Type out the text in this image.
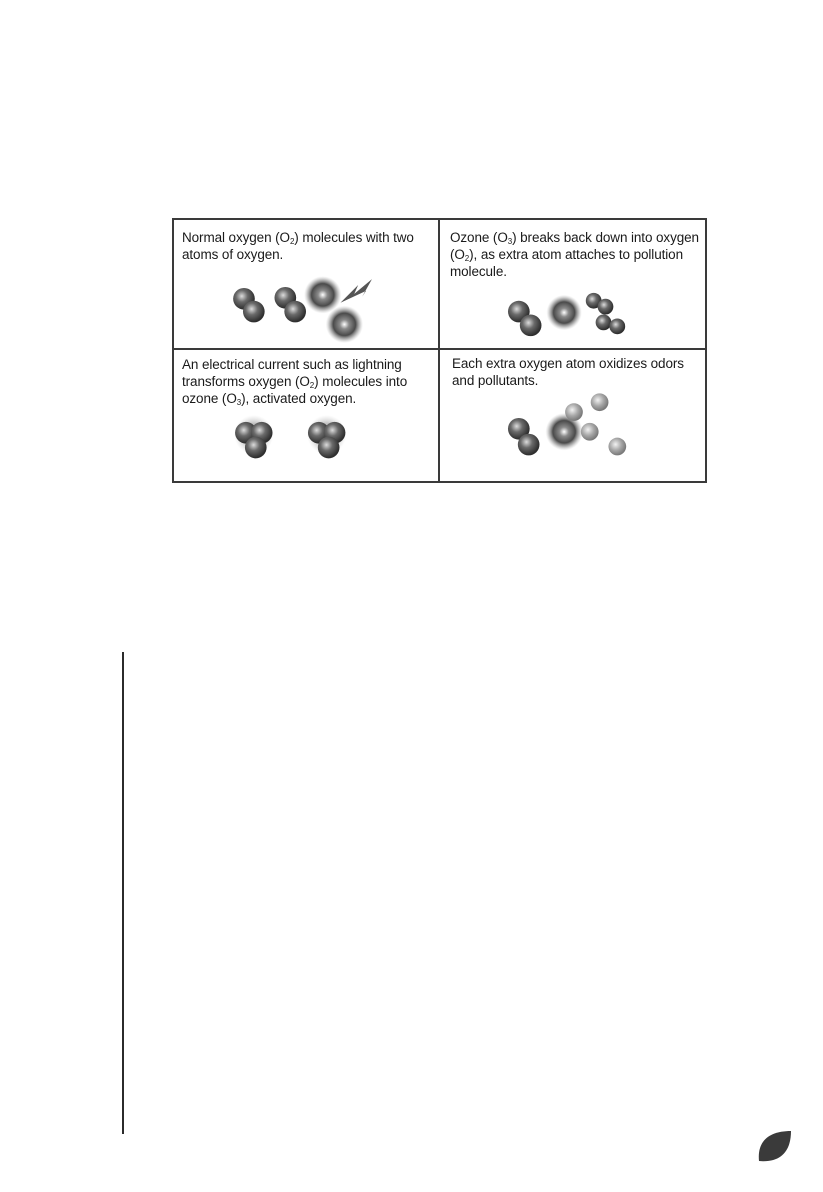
Normal oxygen $(O_2)$ molecules with two atoms of oxygen.

Ozone $(O_3)$ breaks back down into oxygen $(O_2)$, as extra atom attaches to pollution molecule.

An electrical current such as lightning transforms oxygen $(O_2)$ molecules into ozone $(O_3)$, activated oxygen.

Each extra oxygen atom oxidizes odors and pollutants.
